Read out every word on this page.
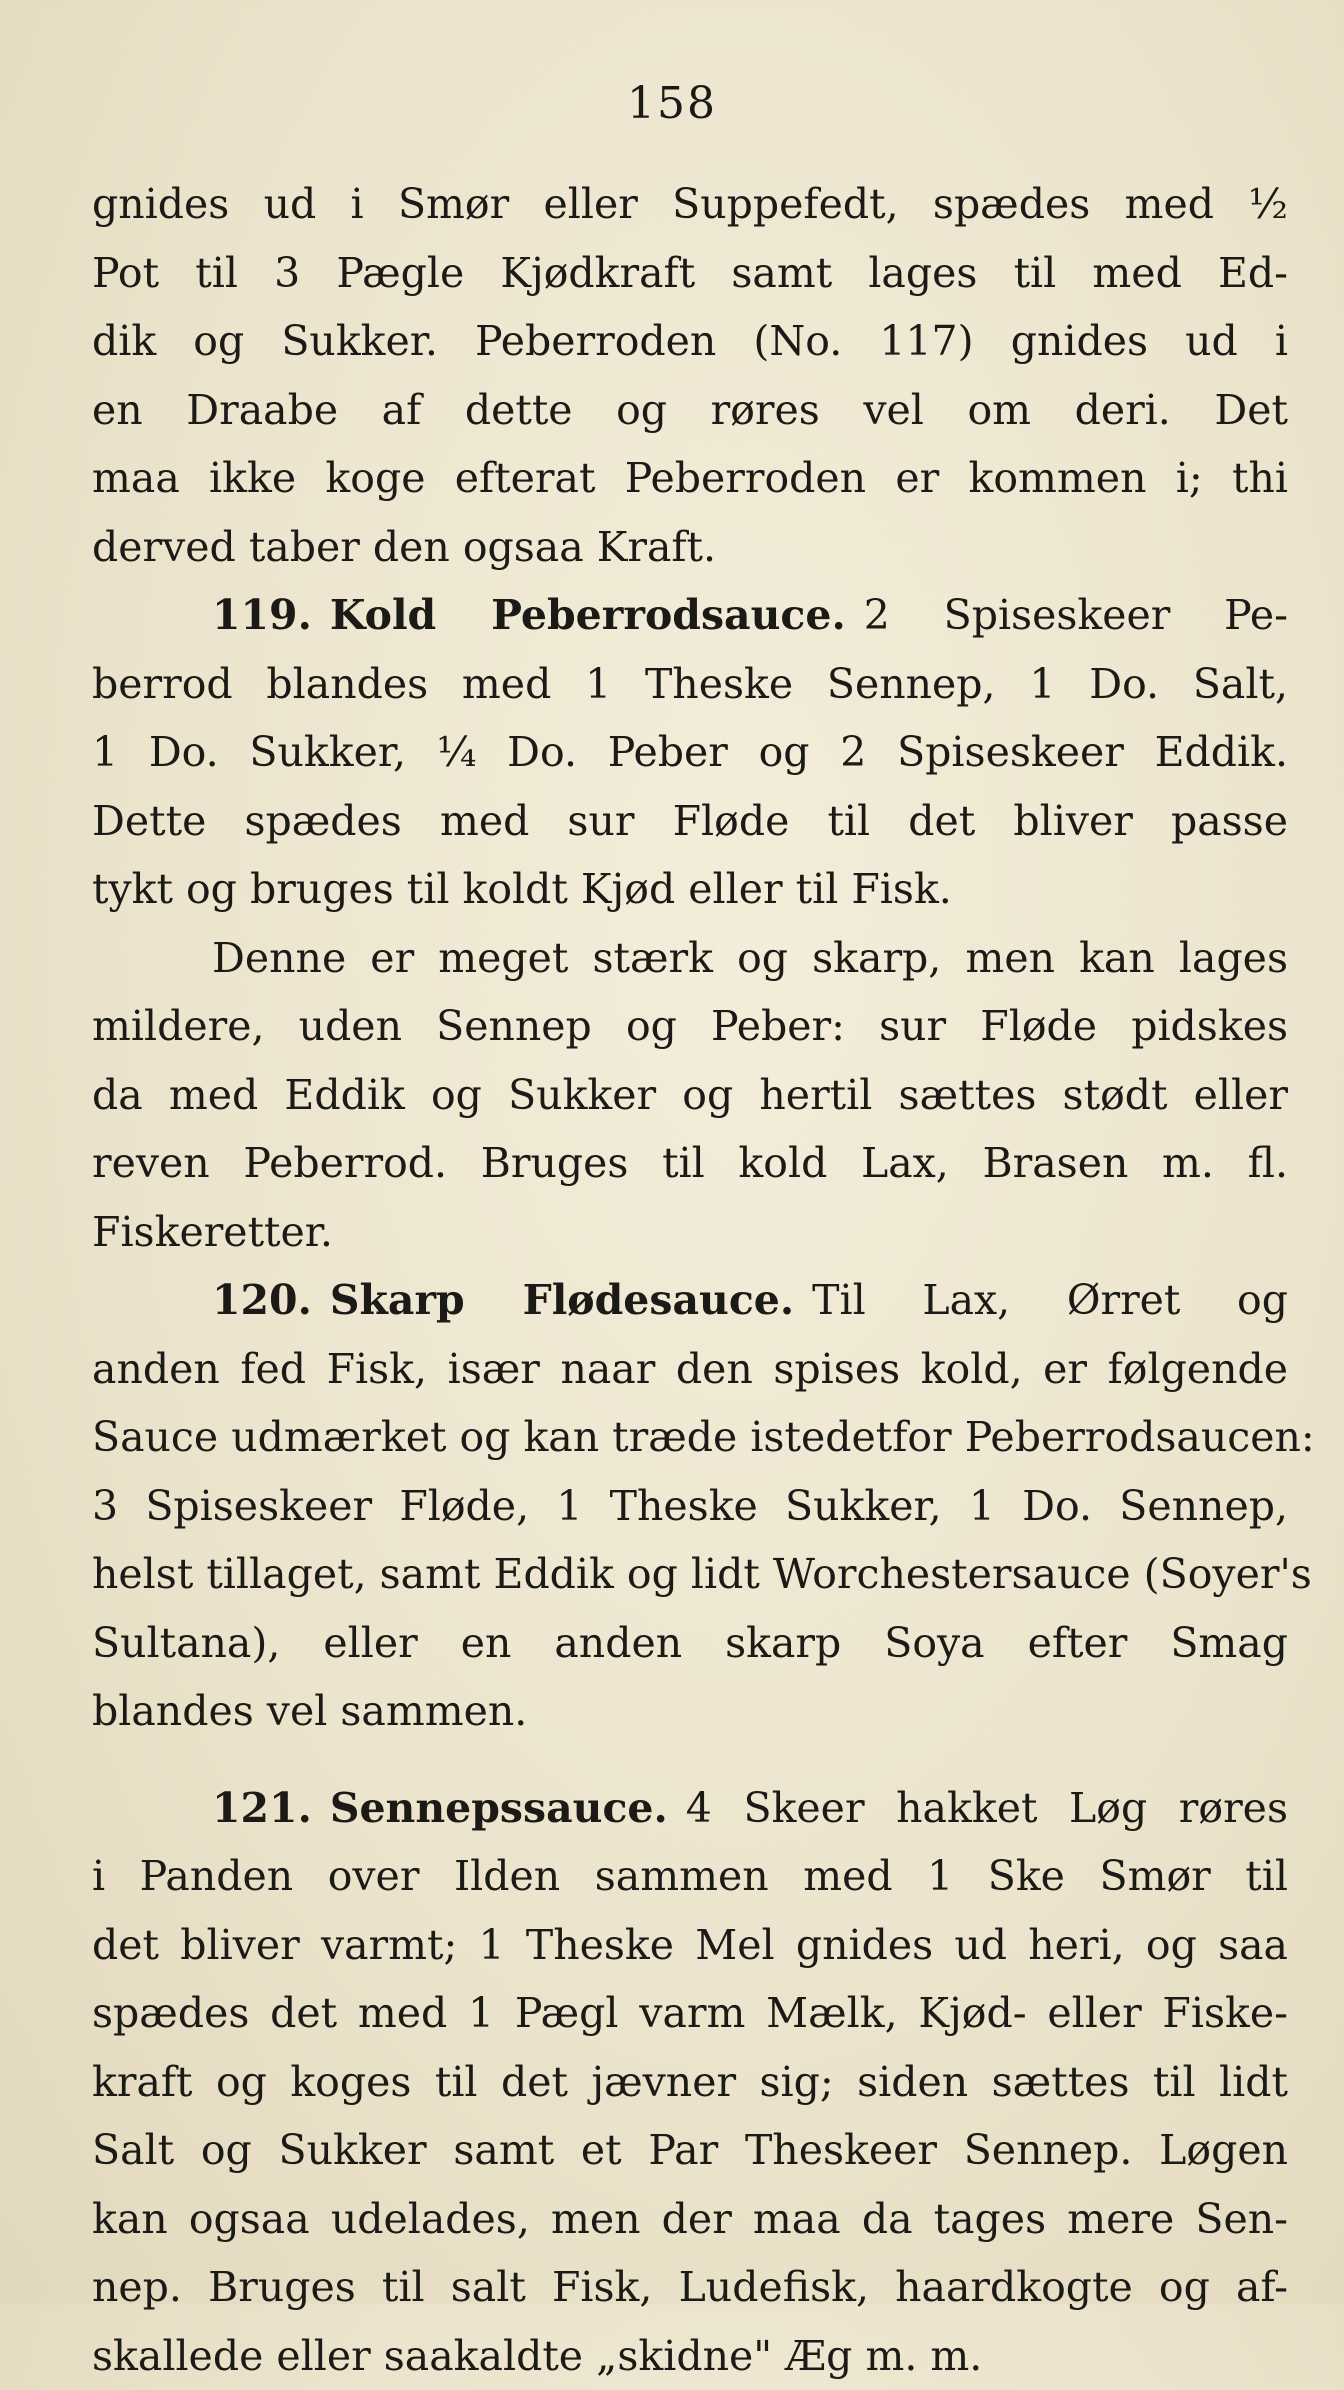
158
gnides ud i Smør eller Suppefedt, spædes med ½
Pot til 3 Pægle Kjødkraft samt lages til med Ed-
dik og Sukker. Peberroden (No. 117) gnides ud i
en Draabe af dette og røres vel om deri. Det
maa ikke koge efterat Peberroden er kommen i; thi
derved taber den ogsaa Kraft.
119. Kold Peberrodsauce. 2 Spiseskeer Pe-
berrod blandes med 1 Theske Sennep, 1 Do. Salt,
1 Do. Sukker, ¼ Do. Peber og 2 Spiseskeer Eddik.
Dette spædes med sur Fløde til det bliver passe
tykt og bruges til koldt Kjød eller til Fisk.
Denne er meget stærk og skarp, men kan lages
mildere, uden Sennep og Peber: sur Fløde pidskes
da med Eddik og Sukker og hertil sættes stødt eller
reven Peberrod. Bruges til kold Lax, Brasen m. fl.
Fiskeretter.
120. Skarp Flødesauce. Til Lax, Ørret og
anden fed Fisk, især naar den spises kold, er følgende
Sauce udmærket og kan træde istedetfor Peberrodsaucen:
3 Spiseskeer Fløde, 1 Theske Sukker, 1 Do. Sennep,
helst tillaget, samt Eddik og lidt Worchestersauce (Soyer's
Sultana), eller en anden skarp Soya efter Smag
blandes vel sammen.
121. Sennepssauce. 4 Skeer hakket Løg røres
i Panden over Ilden sammen med 1 Ske Smør til
det bliver varmt; 1 Theske Mel gnides ud heri, og saa
spædes det med 1 Pægl varm Mælk, Kjød- eller Fiske-
kraft og koges til det jævner sig; siden sættes til lidt
Salt og Sukker samt et Par Theskeer Sennep. Løgen
kan ogsaa udelades, men der maa da tages mere Sen-
nep. Bruges til salt Fisk, Ludefisk, haardkogte og af-
skallede eller saakaldte „skidne" Æg m. m.
